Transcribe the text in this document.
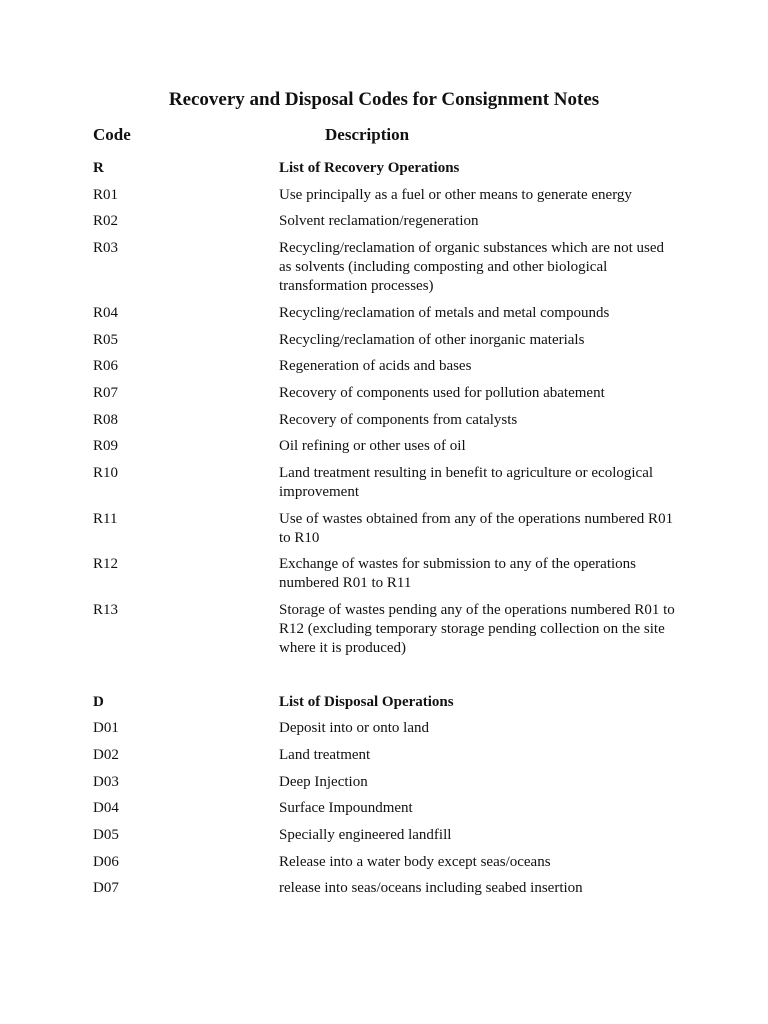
Recovery and Disposal Codes for Consignment Notes
Code	Description
R	List of Recovery Operations
R01	Use principally as a fuel or other means to generate energy
R02	Solvent reclamation/regeneration
R03	Recycling/reclamation of organic substances which are not used as solvents (including composting and other biological transformation processes)
R04	Recycling/reclamation of metals and metal compounds
R05	Recycling/reclamation of other inorganic materials
R06	Regeneration of acids and bases
R07	Recovery of components used for pollution abatement
R08	Recovery of components from catalysts
R09	Oil refining or other uses of oil
R10	Land treatment resulting in benefit to agriculture or ecological improvement
R11	Use of wastes obtained from any of the operations numbered R01 to R10
R12	Exchange of wastes for submission to any of the operations numbered R01 to R11
R13	Storage of wastes pending any of the operations numbered R01 to R12 (excluding temporary storage pending collection on the site where it is produced)
D	List of Disposal Operations
D01	Deposit into or onto land
D02	Land treatment
D03	Deep Injection
D04	Surface Impoundment
D05	Specially engineered landfill
D06	Release into a water body except seas/oceans
D07	release into seas/oceans including seabed insertion
